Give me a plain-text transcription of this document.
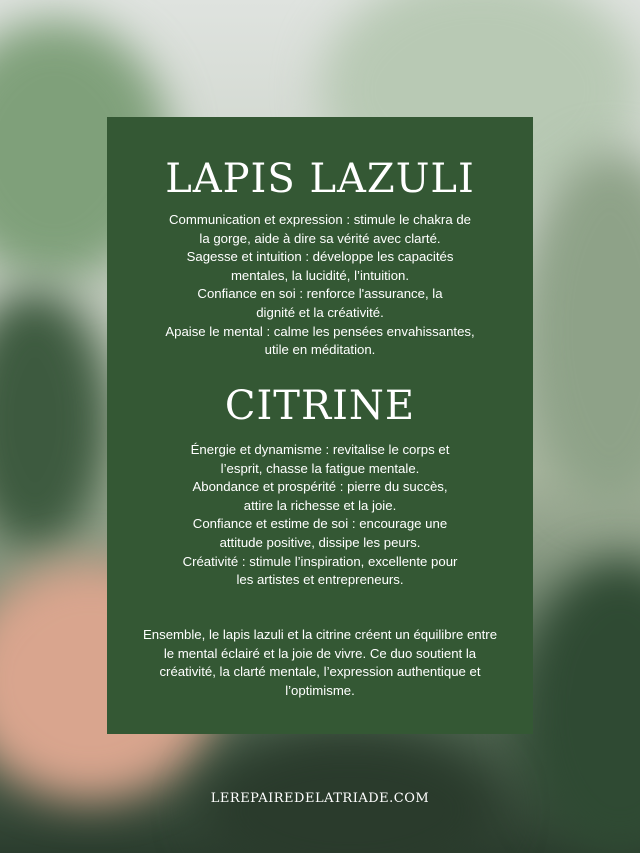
LAPIS LAZULI
Communication et expression : stimule le chakra de
la gorge, aide à dire sa vérité avec clarté.
Sagesse et intuition : développe les capacités
mentales, la lucidité, l’intuition.
Confiance en soi : renforce l'assurance, la
dignité et la créativité.
Apaise le mental : calme les pensées envahissantes,
utile en méditation.
CITRINE
Énergie et dynamisme : revitalise le corps et
l’esprit, chasse la fatigue mentale.
Abondance et prospérité : pierre du succès,
attire la richesse et la joie.
Confiance et estime de soi : encourage une
attitude positive, dissipe les peurs.
Créativité : stimule l’inspiration, excellente pour
les artistes et entrepreneurs.
Ensemble, le lapis lazuli et la citrine créent un équilibre entre
le mental éclairé et la joie de vivre. Ce duo soutient la
créativité, la clarté mentale, l’expression authentique et
l’optimisme.
LEREPAIREDELATRIADE.COM
